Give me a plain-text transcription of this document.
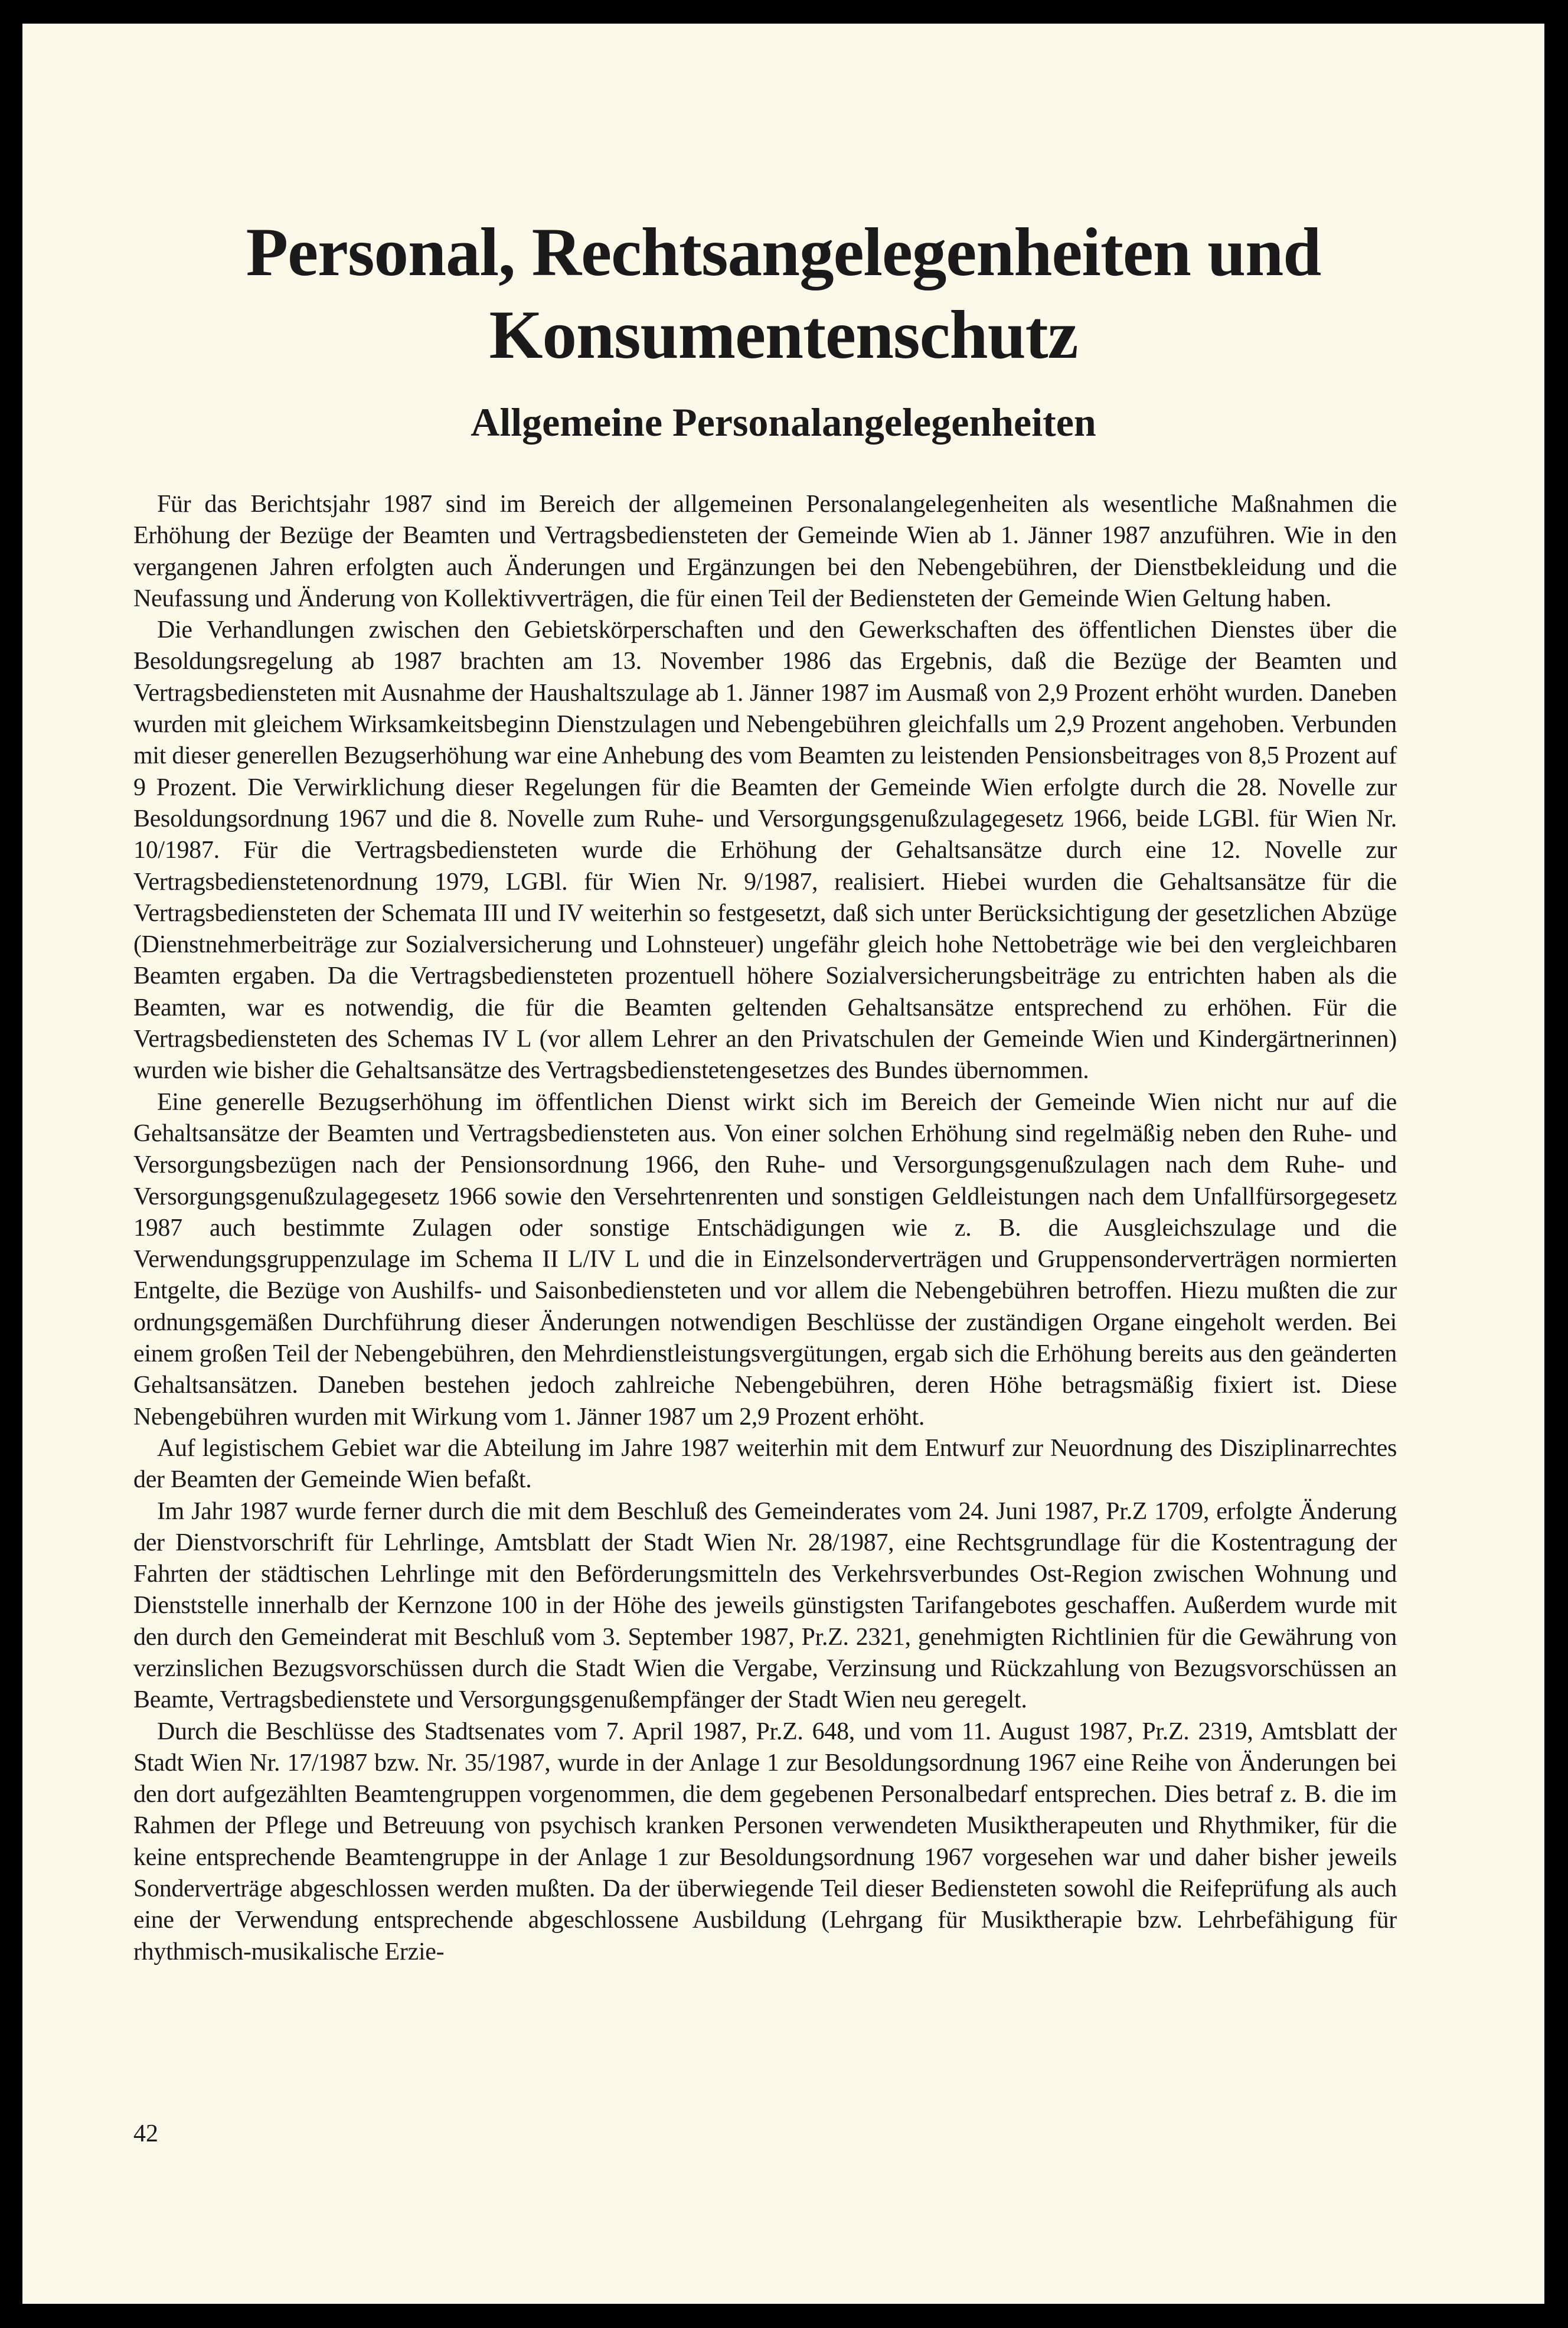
Personal, Rechtsangelegenheiten und
Konsumentenschutz
Allgemeine Personalangelegenheiten

Für das Berichtsjahr 1987 sind im Bereich der allgemeinen Personalangelegenheiten als wesentliche Maßnahmen die Erhöhung der Bezüge der Beamten und Vertragsbediensteten der Gemeinde Wien ab 1. Jänner 1987 anzuführen. Wie in den vergangenen Jahren erfolgten auch Änderungen und Ergänzungen bei den Nebengebühren, der Dienstbekleidung und die Neufassung und Änderung von Kollektivverträgen, die für einen Teil der Bediensteten der Gemeinde Wien Geltung haben.

Die Verhandlungen zwischen den Gebietskörperschaften und den Gewerkschaften des öffentlichen Dienstes über die Besoldungsregelung ab 1987 brachten am 13. November 1986 das Ergebnis, daß die Bezüge der Beamten und Vertragsbediensteten mit Ausnahme der Haushaltszulage ab 1. Jänner 1987 im Ausmaß von 2,9 Prozent erhöht wurden. Daneben wurden mit gleichem Wirksamkeitsbeginn Dienstzulagen und Nebengebühren gleichfalls um 2,9 Prozent angehoben. Verbunden mit dieser generellen Bezugserhöhung war eine Anhebung des vom Beamten zu leistenden Pensionsbeitrages von 8,5 Prozent auf 9 Prozent. Die Verwirklichung dieser Regelungen für die Beamten der Gemeinde Wien erfolgte durch die 28. Novelle zur Besoldungsordnung 1967 und die 8. Novelle zum Ruhe- und Versorgungsgenußzulagegesetz 1966, beide LGBl. für Wien Nr. 10/1987. Für die Vertragsbediensteten wurde die Erhöhung der Gehaltsansätze durch eine 12. Novelle zur Vertragsbedienstetenordnung 1979, LGBl. für Wien Nr. 9/1987, realisiert. Hiebei wurden die Gehaltsansätze für die Vertragsbediensteten der Schemata III und IV weiterhin so festgesetzt, daß sich unter Berücksichtigung der gesetzlichen Abzüge (Dienstnehmerbeiträge zur Sozialversicherung und Lohnsteuer) ungefähr gleich hohe Nettobeträge wie bei den vergleichbaren Beamten ergaben. Da die Vertragsbediensteten prozentuell höhere Sozialversicherungsbeiträge zu entrichten haben als die Beamten, war es notwendig, die für die Beamten geltenden Gehaltsansätze entsprechend zu erhöhen. Für die Vertragsbediensteten des Schemas IV L (vor allem Lehrer an den Privatschulen der Gemeinde Wien und Kindergärtnerinnen) wurden wie bisher die Gehaltsansätze des Vertragsbedienstetengesetzes des Bundes übernommen.

Eine generelle Bezugserhöhung im öffentlichen Dienst wirkt sich im Bereich der Gemeinde Wien nicht nur auf die Gehaltsansätze der Beamten und Vertragsbediensteten aus. Von einer solchen Erhöhung sind regelmäßig neben den Ruhe- und Versorgungsbezügen nach der Pensionsordnung 1966, den Ruhe- und Versorgungsgenußzulagen nach dem Ruhe- und Versorgungsgenußzulagegesetz 1966 sowie den Versehrtenrenten und sonstigen Geldleistungen nach dem Unfallfürsorgegesetz 1987 auch bestimmte Zulagen oder sonstige Entschädigungen wie z. B. die Ausgleichszulage und die Verwendungsgruppenzulage im Schema II L/IV L und die in Einzelsonderverträgen und Gruppensonderverträgen normierten Entgelte, die Bezüge von Aushilfs- und Saisonbediensteten und vor allem die Nebengebühren betroffen. Hiezu mußten die zur ordnungsgemäßen Durchführung dieser Änderungen notwendigen Beschlüsse der zuständigen Organe eingeholt werden. Bei einem großen Teil der Nebengebühren, den Mehrdienstleistungsvergütungen, ergab sich die Erhöhung bereits aus den geänderten Gehaltsansätzen. Daneben bestehen jedoch zahlreiche Nebengebühren, deren Höhe betragsmäßig fixiert ist. Diese Nebengebühren wurden mit Wirkung vom 1. Jänner 1987 um 2,9 Prozent erhöht.

Auf legistischem Gebiet war die Abteilung im Jahre 1987 weiterhin mit dem Entwurf zur Neuordnung des Disziplinarrechtes der Beamten der Gemeinde Wien befaßt.

Im Jahr 1987 wurde ferner durch die mit dem Beschluß des Gemeinderates vom 24. Juni 1987, Pr.Z 1709, erfolgte Änderung der Dienstvorschrift für Lehrlinge, Amtsblatt der Stadt Wien Nr. 28/1987, eine Rechtsgrundlage für die Kostentragung der Fahrten der städtischen Lehrlinge mit den Beförderungsmitteln des Verkehrsverbundes Ost-Region zwischen Wohnung und Dienststelle innerhalb der Kernzone 100 in der Höhe des jeweils günstigsten Tarifangebotes geschaffen. Außerdem wurde mit den durch den Gemeinderat mit Beschluß vom 3. September 1987, Pr.Z. 2321, genehmigten Richtlinien für die Gewährung von verzinslichen Bezugsvorschüssen durch die Stadt Wien die Vergabe, Verzinsung und Rückzahlung von Bezugsvorschüssen an Beamte, Vertragsbedienstete und Versorgungsgenußempfänger der Stadt Wien neu geregelt.

Durch die Beschlüsse des Stadtsenates vom 7. April 1987, Pr.Z. 648, und vom 11. August 1987, Pr.Z. 2319, Amtsblatt der Stadt Wien Nr. 17/1987 bzw. Nr. 35/1987, wurde in der Anlage 1 zur Besoldungsordnung 1967 eine Reihe von Änderungen bei den dort aufgezählten Beamtengruppen vorgenommen, die dem gegebenen Personalbedarf entsprechen. Dies betraf z. B. die im Rahmen der Pflege und Betreuung von psychisch kranken Personen verwendeten Musiktherapeuten und Rhythmiker, für die keine entsprechende Beamtengruppe in der Anlage 1 zur Besoldungsordnung 1967 vorgesehen war und daher bisher jeweils Sonderverträge abgeschlossen werden mußten. Da der überwiegende Teil dieser Bediensteten sowohl die Reifeprüfung als auch eine der Verwendung entsprechende abgeschlossene Ausbildung (Lehrgang für Musiktherapie bzw. Lehrbefähigung für rhythmisch-musikalische Erzie-

42
